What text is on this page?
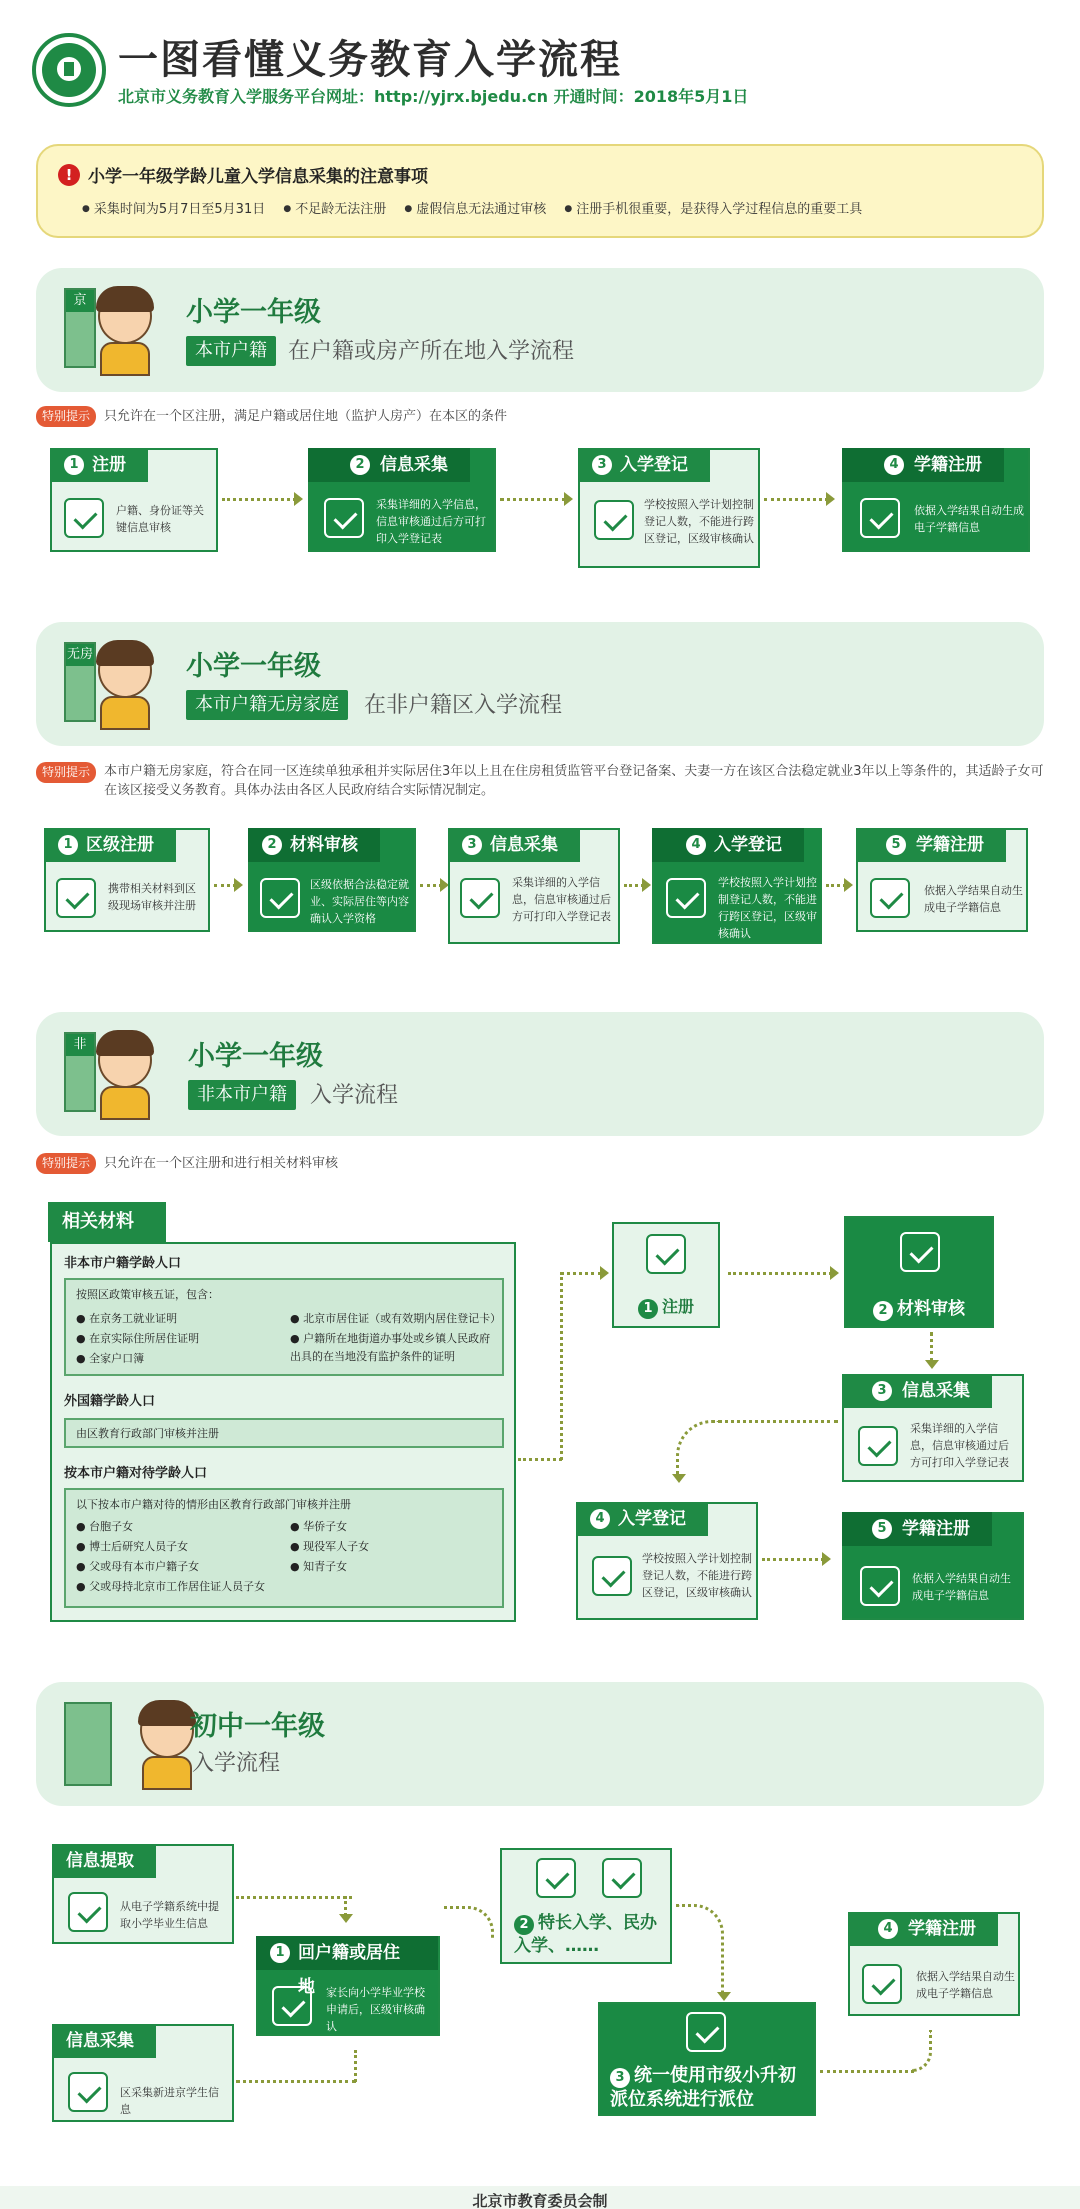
一图看懂义务教育入学流程
北京市义务教育入学服务平台网址：http://yjrx.bjedu.cn 开通时间：2018年5月1日
! 小学一年级学龄儿童入学信息采集的注意事项
● 采集时间为5月7日至5月31日 ● 不足龄无法注册 ● 虚假信息无法通过审核 ● 注册手机很重要，是获得入学过程信息的重要工具
京	小学一年级
本市户籍 在户籍或房产所在地入学流程
特别提示	只允许在一个区注册，满足户籍或居住地（监护人房产）在本区的条件
1 注册
户籍、身份证等关键信息审核
2 信息采集
采集详细的入学信息，信息审核通过后方可打印入学登记表
3 入学登记
学校按照入学计划控制登记人数，不能进行跨区登记，区级审核确认
4 学籍注册
依据入学结果自动生成电子学籍信息
无房	小学一年级
本市户籍无房家庭	在非户籍区入学流程
特别提示	本市户籍无房家庭，符合在同一区连续单独承租并实际居住3年以上且在住房租赁监管平台登记备案、夫妻一方在该区合法稳定就业3年以上等条件的，其适龄子女可在该区接受义务教育。具体办法由各区人民政府结合实际情况制定。
1 区级注册
携带相关材料到区级现场审核并注册
2 材料审核
区级依据合法稳定就业、实际居住等内容确认入学资格
3 信息采集
采集详细的入学信息，信息审核通过后方可打印入学登记表
4 入学登记
学校按照入学计划控制登记人数，不能进行跨区登记，区级审核确认
5 学籍注册
依据入学结果自动生成电子学籍信息
非	小学一年级
非本市户籍	入学流程
特别提示	只允许在一个区注册和进行相关材料审核
相关材料
非本市户籍学龄人口
按照区政策审核五证，包含：
● 在京务工就业证明
● 在京实际住所居住证明
● 全家户口簿
● 北京市居住证（或有效期内居住登记卡）
● 户籍所在地街道办事处或乡镇人民政府出具的在当地没有监护条件的证明
外国籍学龄人口
由区教育行政部门审核并注册
按本市户籍对待学龄人口
以下按本市户籍对待的情形由区教育行政部门审核并注册
● 台胞子女
● 博士后研究人员子女
● 父或母有本市户籍子女
● 父或母持北京市工作居住证人员子女
● 华侨子女
● 现役军人子女
● 知青子女
1 注册	2 材料审核
3 信息采集
采集详细的入学信息，信息审核通过后方可打印入学登记表
4 入学登记
学校按照入学计划控制登记人数，不能进行跨区登记，区级审核确认
5 学籍注册
依据入学结果自动生成电子学籍信息
初中一年级
入学流程
信息提取
从电子学籍系统中提取小学毕业生信息
信息采集
区采集新进京学生信息
1 回户籍或居住地	家长向小学毕业学校申请后，区级审核确认
2 特长入学、民办入学、……
3 统一使用市级小升初派位系统进行派位
4 学籍注册
依据入学结果自动生成电子学籍信息
北京市教育委员会制
